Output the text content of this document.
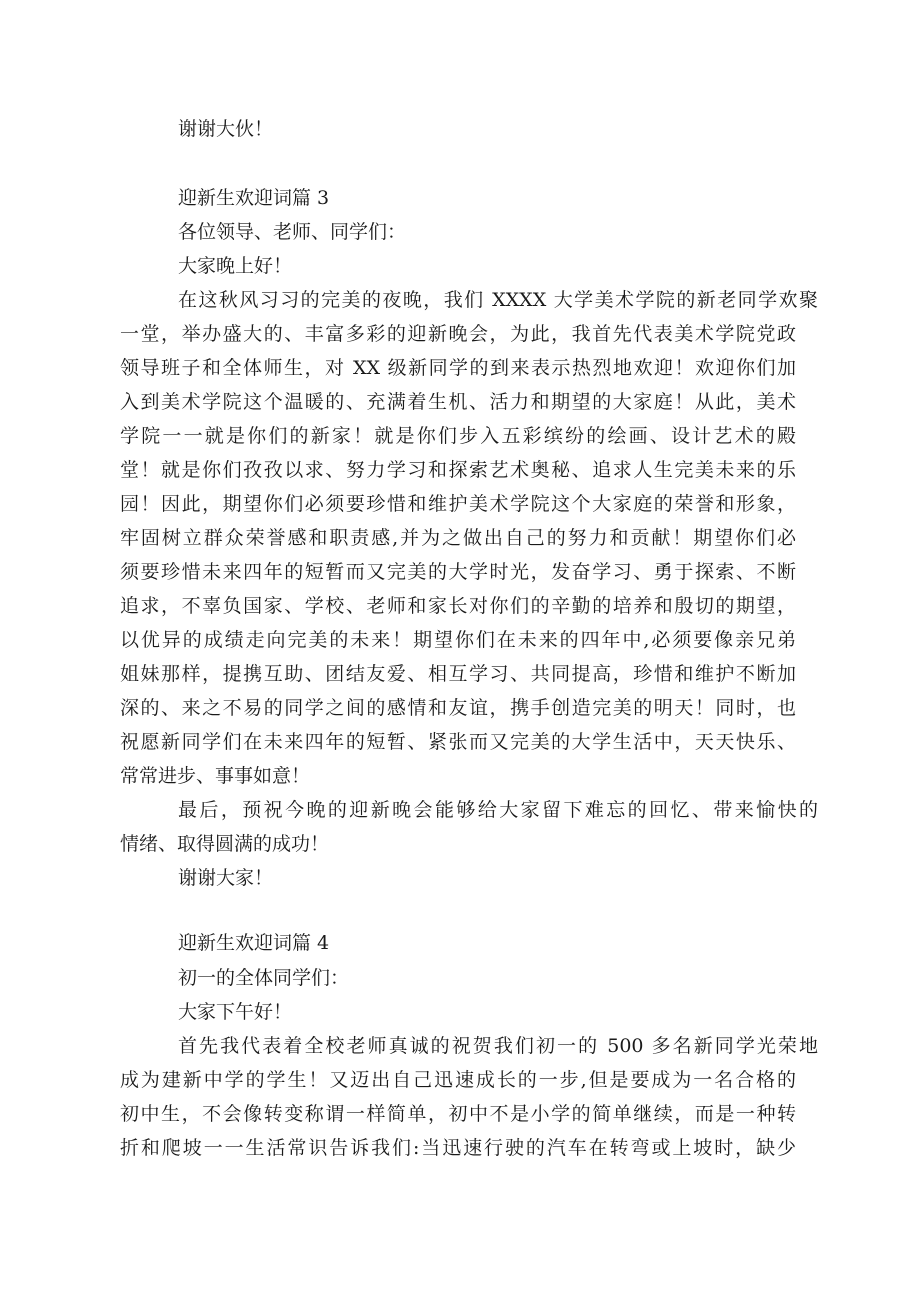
谢谢大伙！
迎新生欢迎词篇 3
各位领导、老师、同学们：
大家晚上好！
在这秋风习习的完美的夜晚，我们 XXXX 大学美术学院的新老同学欢聚
一堂，举办盛大的、丰富多彩的迎新晚会，为此，我首先代表美术学院党政
领导班子和全体师生，对 XX 级新同学的到来表示热烈地欢迎！欢迎你们加
入到美术学院这个温暖的、充满着生机、活力和期望的大家庭！从此，美术
学院一一就是你们的新家！就是你们步入五彩缤纷的绘画、设计艺术的殿
堂！就是你们孜孜以求、努力学习和探索艺术奥秘、追求人生完美未来的乐
园！因此，期望你们必须要珍惜和维护美术学院这个大家庭的荣誉和形象，
牢固树立群众荣誉感和职责感,并为之做出自己的努力和贡献！期望你们必
须要珍惜未来四年的短暂而又完美的大学时光，发奋学习、勇于探索、不断
追求，不辜负国家、学校、老师和家长对你们的辛勤的培养和殷切的期望，
以优异的成绩走向完美的未来！期望你们在未来的四年中,必须要像亲兄弟
姐妹那样，提携互助、团结友爱、相互学习、共同提高，珍惜和维护不断加
深的、来之不易的同学之间的感情和友谊，携手创造完美的明天！同时，也
祝愿新同学们在未来四年的短暂、紧张而又完美的大学生活中，天天快乐、
常常进步、事事如意！
最后，预祝今晚的迎新晚会能够给大家留下难忘的回忆、带来愉快的
情绪、取得圆满的成功！
谢谢大家！
迎新生欢迎词篇 4
初一的全体同学们：
大家下午好！
首先我代表着全校老师真诚的祝贺我们初一的 500 多名新同学光荣地
成为建新中学的学生！又迈出自己迅速成长的一步,但是要成为一名合格的
初中生，不会像转变称谓一样简单，初中不是小学的简单继续，而是一种转
折和爬坡一一生活常识告诉我们:当迅速行驶的汽车在转弯或上坡时，缺少
